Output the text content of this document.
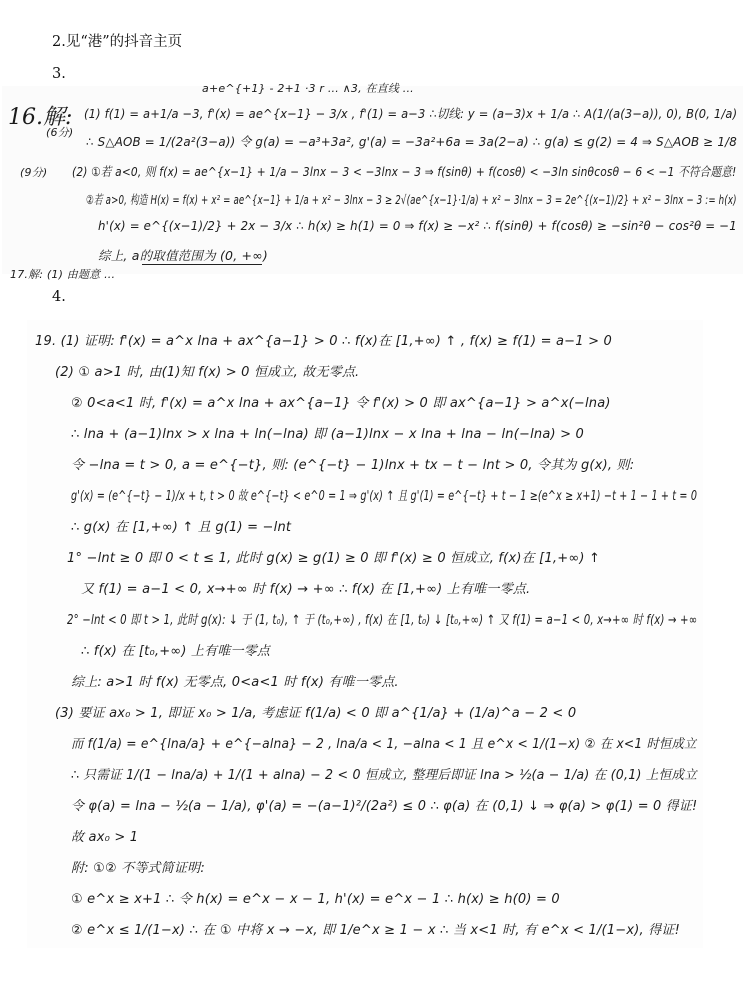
2.见“港”的抖音主页
3.
a+e^{+1} - 2+1 ·3 r ... ∧3, 在直线 ...
16.解:
(6分)
(9分)
(1) f(1) = a+1/a −3, f'(x) = ae^{x−1} − 3/x , f'(1) = a−3 ∴切线: y = (a−3)x + 1/a ∴ A(1/(a(3−a)), 0), B(0, 1/a)
∴ S△AOB = 1/(2a²(3−a)) 令 g(a) = −a³+3a², g'(a) = −3a²+6a = 3a(2−a) ∴ g(a) ≤ g(2) = 4 ⇒ S△AOB ≥ 1/8
(2) ①若 a<0, 则 f(x) = ae^{x−1} + 1/a − 3lnx − 3 < −3lnx − 3 ⇒ f(sinθ) + f(cosθ) < −3ln sinθcosθ − 6 < −1 不符合题意!
②若 a>0, 构造 H(x) = f(x) + x² = ae^{x−1} + 1/a + x² − 3lnx − 3 ≥ 2√(ae^{x−1}·1/a) + x² − 3lnx − 3 = 2e^{(x−1)/2} + x² − 3lnx − 3 := h(x)
h'(x) = e^{(x−1)/2} + 2x − 3/x ∴ h(x) ≥ h(1) = 0 ⇒ f(x) ≥ −x² ∴ f(sinθ) + f(cosθ) ≥ −sin²θ − cos²θ = −1
综上, a的取值范围为 (0, +∞)
17.解: (1) 由题意 ...
4.
19. (1) 证明: f'(x) = a^x lna + ax^{a−1} > 0 ∴ f(x)在 [1,+∞) ↑ , f(x) ≥ f(1) = a−1 > 0
(2) ① a>1 时, 由(1)知 f(x) > 0 恒成立, 故无零点.
② 0<a<1 时, f'(x) = a^x lna + ax^{a−1} 令 f'(x) > 0 即 ax^{a−1} > a^x(−lna)
∴ lna + (a−1)lnx > x lna + ln(−lna) 即 (a−1)lnx − x lna + lna − ln(−lna) > 0
令 −lna = t > 0, a = e^{−t}, 则: (e^{−t} − 1)lnx + tx − t − lnt > 0, 令其为 g(x), 则:
g'(x) = (e^{−t} − 1)/x + t, t > 0 故 e^{−t} < e^0 = 1 ⇒ g'(x) ↑ 且 g'(1) = e^{−t} + t − 1 ≥(e^x ≥ x+1) −t + 1 − 1 + t = 0
∴ g(x) 在 [1,+∞) ↑ 且 g(1) = −lnt
1° −lnt ≥ 0 即 0 < t ≤ 1, 此时 g(x) ≥ g(1) ≥ 0 即 f'(x) ≥ 0 恒成立, f(x)在 [1,+∞) ↑
又 f(1) = a−1 < 0, x→+∞ 时 f(x) → +∞ ∴ f(x) 在 [1,+∞) 上有唯一零点.
2° −lnt < 0 即 t > 1, 此时 g(x): ↓ 于 (1, t₀), ↑ 于 (t₀,+∞) , f(x) 在 [1, t₀) ↓ [t₀,+∞) ↑ 又 f(1) = a−1 < 0, x→+∞ 时 f(x) → +∞
∴ f(x) 在 [t₀,+∞) 上有唯一零点
综上: a>1 时 f(x) 无零点, 0<a<1 时 f(x) 有唯一零点.
(3) 要证 ax₀ > 1, 即证 x₀ > 1/a, 考虑证 f(1/a) < 0 即 a^{1/a} + (1/a)^a − 2 < 0
而 f(1/a) = e^{lna/a} + e^{−alna} − 2 , lna/a < 1, −alna < 1 且 e^x < 1/(1−x) ② 在 x<1 时恒成立
∴ 只需证 1/(1 − lna/a) + 1/(1 + alna) − 2 < 0 恒成立, 整理后即证 lna > ½(a − 1/a) 在 (0,1) 上恒成立
令 φ(a) = lna − ½(a − 1/a), φ'(a) = −(a−1)²/(2a²) ≤ 0 ∴ φ(a) 在 (0,1) ↓ ⇒ φ(a) > φ(1) = 0 得证!
故 ax₀ > 1
附: ①② 不等式简证明:
① e^x ≥ x+1 ∴ 令 h(x) = e^x − x − 1, h'(x) = e^x − 1 ∴ h(x) ≥ h(0) = 0
② e^x ≤ 1/(1−x) ∴ 在 ① 中将 x → −x, 即 1/e^x ≥ 1 − x ∴ 当 x<1 时, 有 e^x < 1/(1−x), 得证!
